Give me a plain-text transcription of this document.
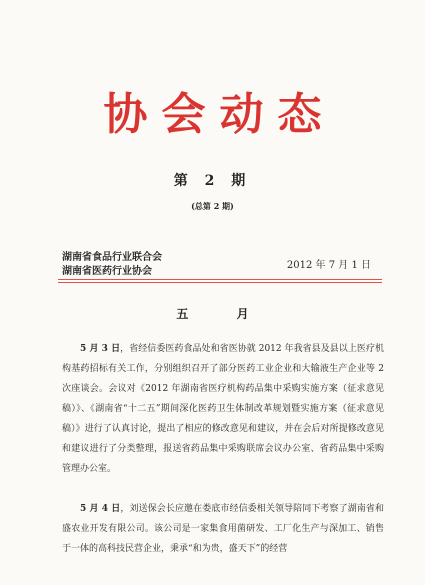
协会动态
第 2 期
(总第 2 期)
湖南省食品行业联合会
湖南省医药行业协会
2012 年 7 月 1 日
五 月
5 月 3 日，省经信委医药食品处和省医协就 2012 年我省县及县以上医疗机构基药招标有关工作，分别组织召开了部分医药工业企业和大输液生产企业等 2 次座谈会。会议对《2012 年湖南省医疗机构药品集中采购实施方案（征求意见稿）》、《湖南省“十二五”期间深化医药卫生体制改革规划暨实施方案（征求意见稿）》进行了认真讨论，提出了相应的修改意见和建议，并在会后对所提修改意见和建议进行了分类整理，报送省药品集中采购联席会议办公室、省药品集中采购管理办公室。
5 月 4 日，刘送保会长应邀在娄底市经信委相关领导陪同下考察了湖南省和盛农业开发有限公司。该公司是一家集食用菌研发、工厂化生产与深加工、销售于一体的高科技民营企业，秉承“和为贵，盛天下”的经营
